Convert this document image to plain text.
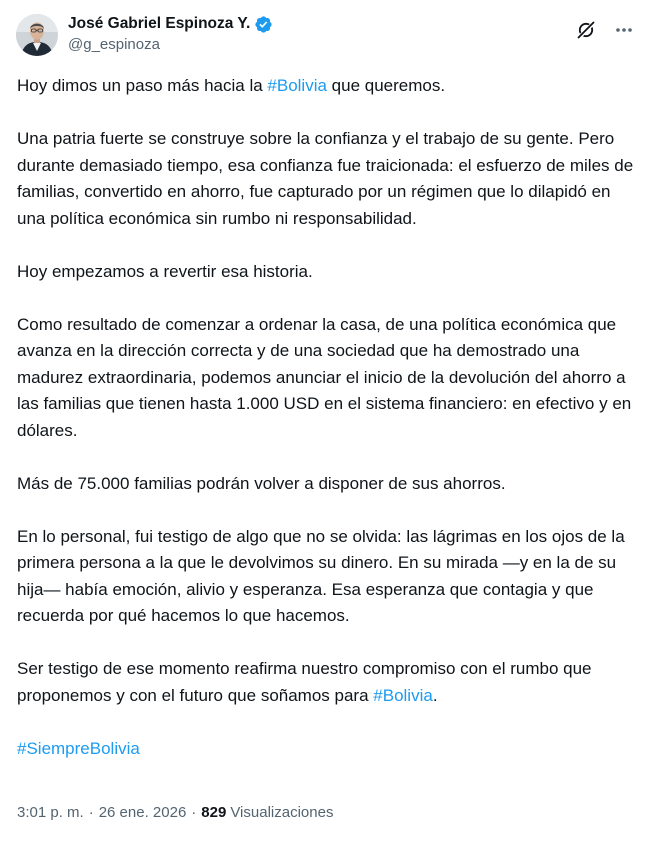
José Gabriel Espinoza Y.
@g_espinoza

Hoy dimos un paso más hacia la #Bolivia que queremos.

Una patria fuerte se construye sobre la confianza y el trabajo de su gente. Pero durante demasiado tiempo, esa confianza fue traicionada: el esfuerzo de miles de familias, convertido en ahorro, fue capturado por un régimen que lo dilapidó en una política económica sin rumbo ni responsabilidad.

Hoy empezamos a revertir esa historia.

Como resultado de comenzar a ordenar la casa, de una política económica que avanza en la dirección correcta y de una sociedad que ha demostrado una madurez extraordinaria, podemos anunciar el inicio de la devolución del ahorro a las familias que tienen hasta 1.000 USD en el sistema financiero: en efectivo y en dólares.

Más de 75.000 familias podrán volver a disponer de sus ahorros.

En lo personal, fui testigo de algo que no se olvida: las lágrimas en los ojos de la primera persona a la que le devolvimos su dinero. En su mirada —y en la de su hija— había emoción, alivio y esperanza. Esa esperanza que contagia y que recuerda por qué hacemos lo que hacemos.

Ser testigo de ese momento reafirma nuestro compromiso con el rumbo que proponemos y con el futuro que soñamos para #Bolivia.

#SiempreBolivia

3:01 p. m. · 26 ene. 2026 · 829 Visualizaciones
